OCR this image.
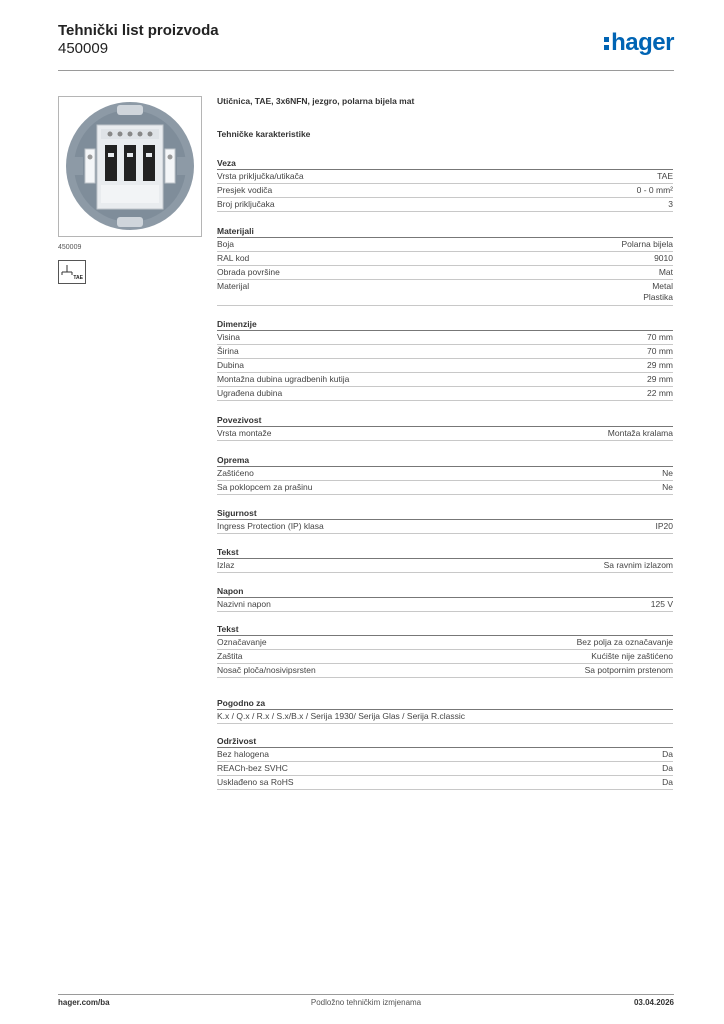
Tehnički list proizvoda
450009	hager
450009
TAE
Utičnica, TAE, 3x6NFN, jezgro, polarna bijela mat
Tehničke karakteristike
Veza
Vrsta priključka/utikača	TAE
Presjek vodiča	0 - 0 mm²
Broj priključaka	3
Materijali
Boja	Polarna bijela
RAL kod	9010
Obrada površine	Mat
Materijal	Metal
Plastika
Dimenzije
Visina	70 mm
Širina	70 mm
Dubina	29 mm
Montažna dubina ugradbenih kutija	29 mm
Ugrađena dubina	22 mm
Povezivost
Vrsta montaže	Montaža kralama
Oprema
Zaštićeno	Ne
Sa poklopcem za prašinu	Ne
Sigurnost
Ingress Protection (IP) klasa	IP20
Tekst
Izlaz	Sa ravnim izlazom
Napon
Nazivni napon	125 V
Tekst
Označavanje	Bez polja za označavanje
Zaštita	Kućište nije zaštićeno
Nosač ploča/nosivipsrsten	Sa potpornim prstenom
Pogodno za
K.x / Q.x / R.x / S.x/B.x / Serija 1930/ Serija Glas / Serija R.classic
Održivost
Bez halogena	Da
REACh-bez SVHC	Da
Usklađeno sa RoHS	Da
hager.com/ba	Podložno tehničkim izmjenama	03.04.2026
